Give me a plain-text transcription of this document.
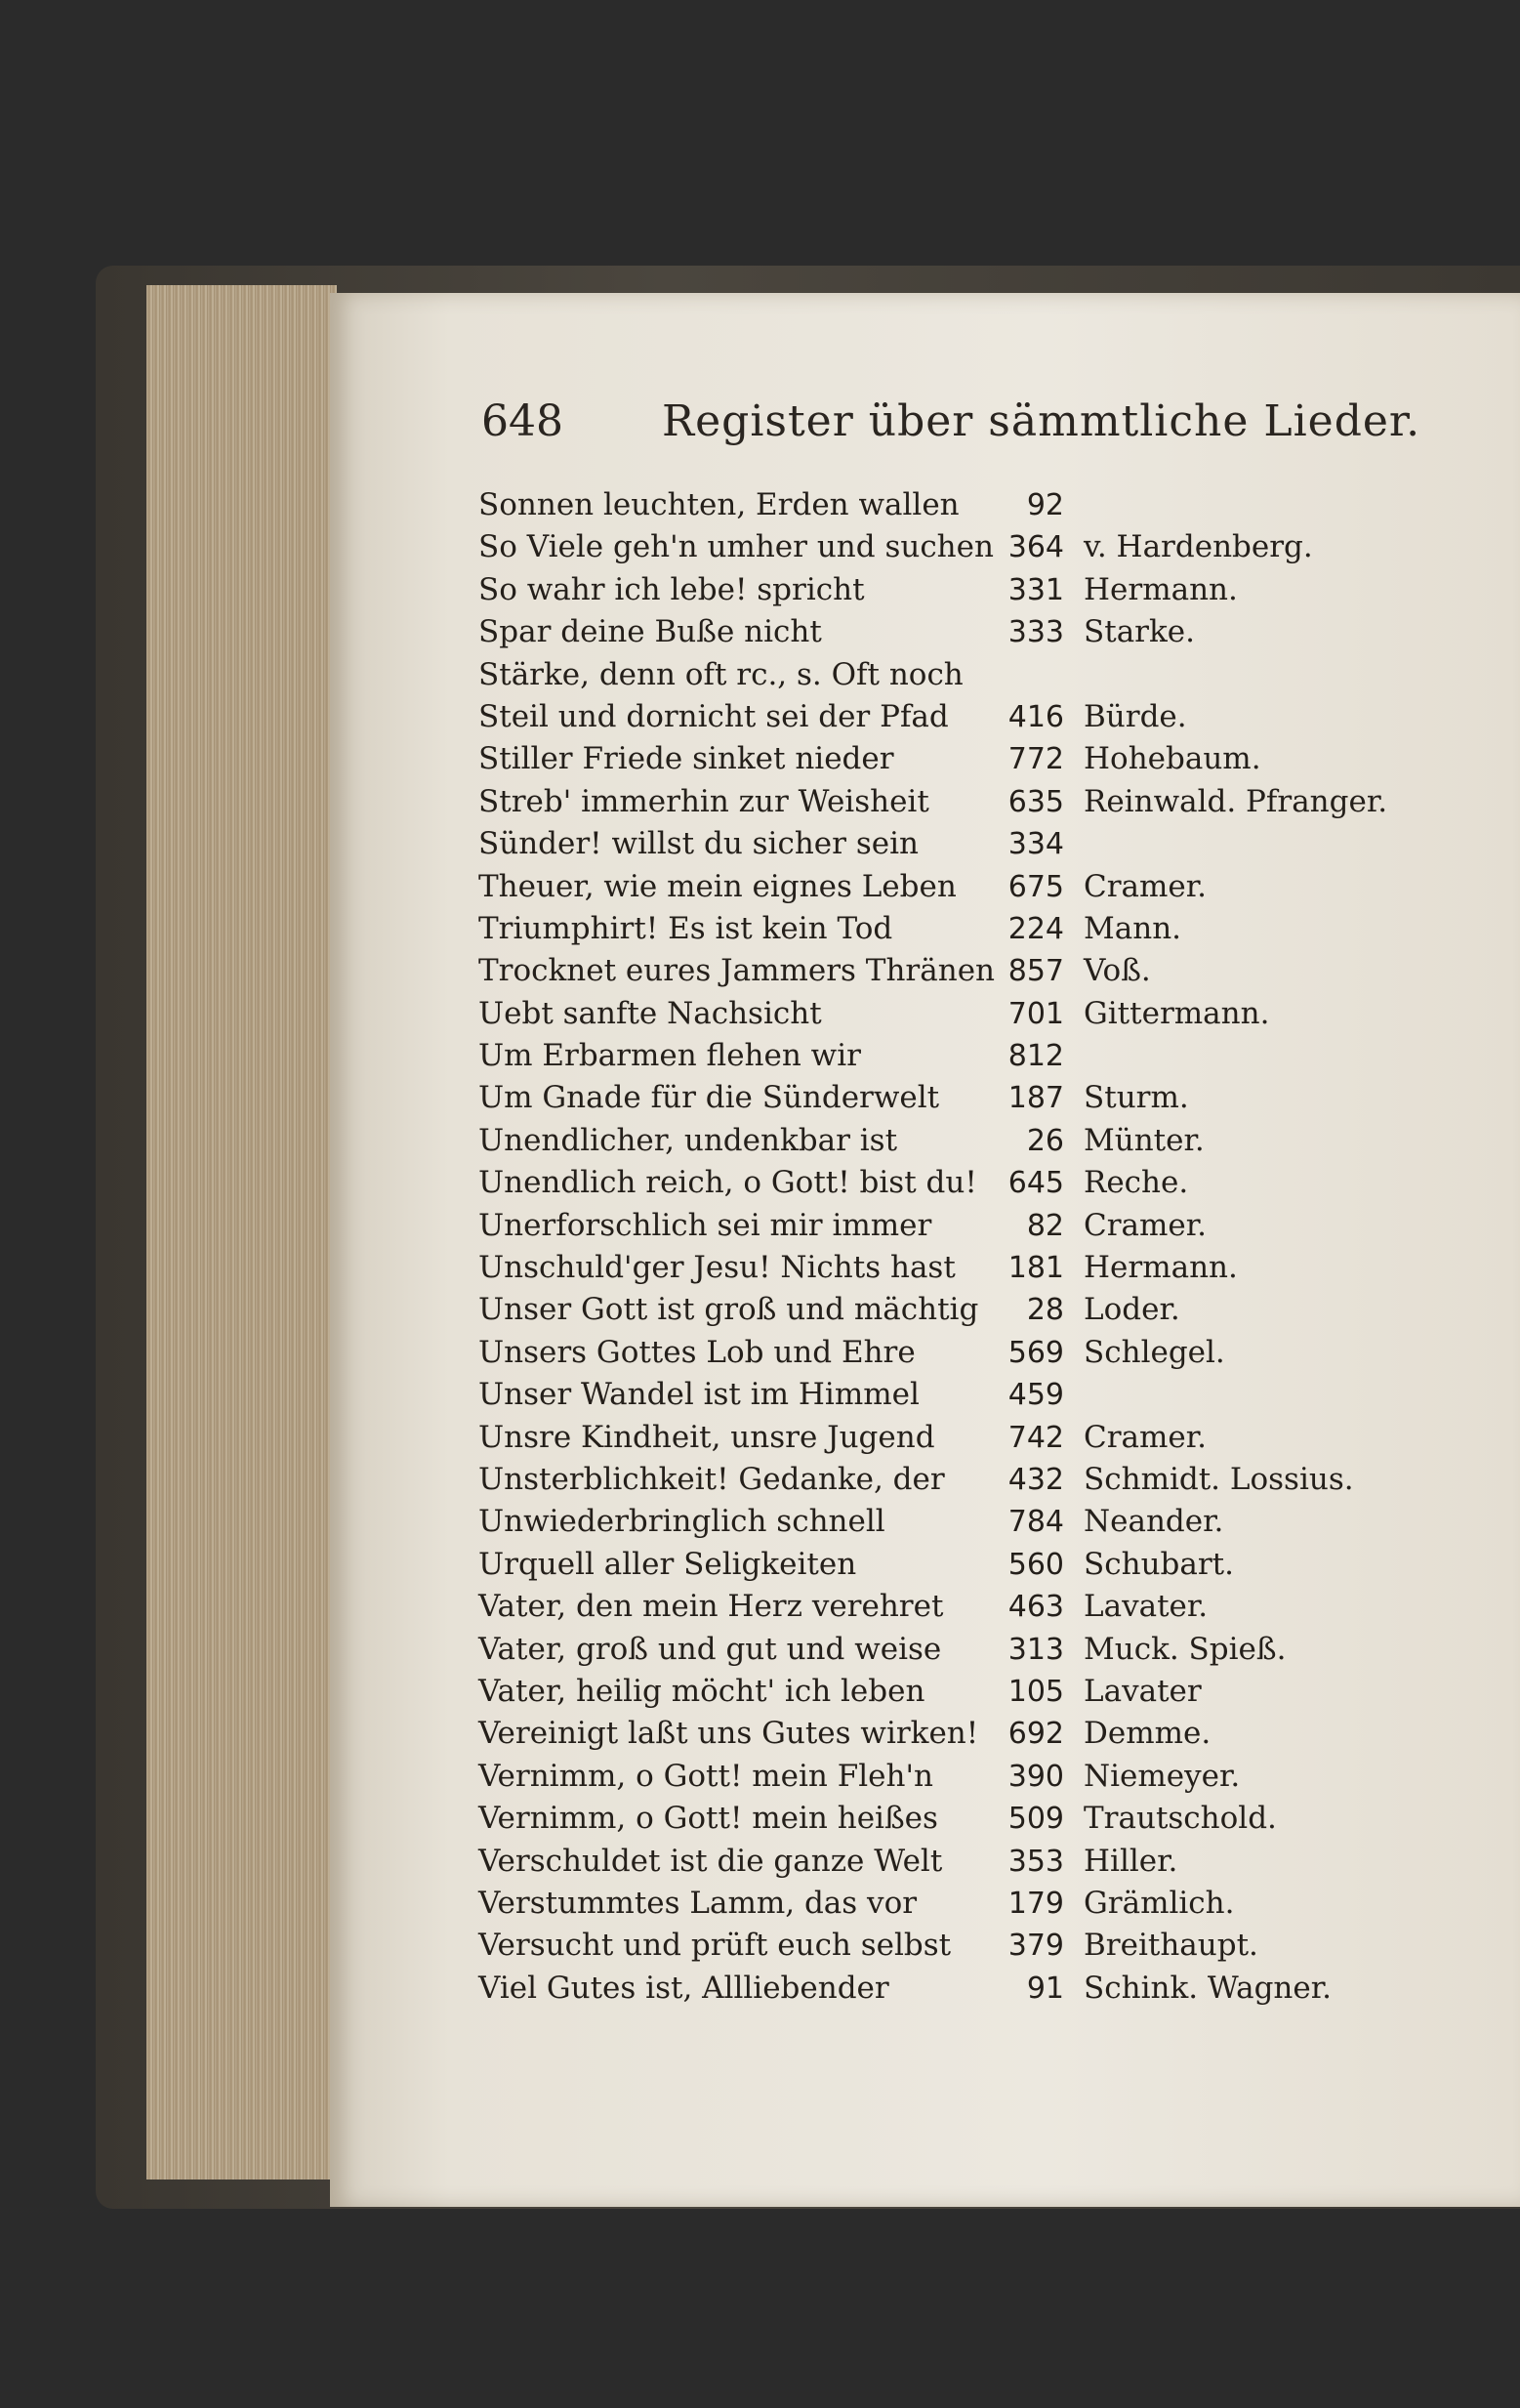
648 Register über sämmtliche Lieder.
Sonnen leuchten, Erden wallen	92
So Viele geh'n umher und suchen 364 v. Hardenberg.
So wahr ich lebe! spricht	331 Hermann.
Spar deine Buße nicht	333 Starke.
Stärke, denn oft rc., s. Oft noch
Steil und dornicht sei der Pfad	416 Bürde.
Stiller Friede sinket nieder	772 Hohebaum.
Streb' immerhin zur Weisheit	635 Reinwald. Pfranger.
Sünder! willst du sicher sein	334
Theuer, wie mein eignes Leben	675 Cramer.
Triumphirt! Es ist kein Tod	224 Mann.
Trocknet eures Jammers Thränen 857 Voß.
Uebt sanfte Nachsicht	701 Gittermann.
Um Erbarmen flehen wir	812
Um Gnade für die Sünderwelt	187 Sturm.
Unendlicher, undenkbar ist	26 Münter.
Unendlich reich, o Gott! bist du!	645 Reche.
Unerforschlich sei mir immer	82 Cramer.
Unschuld'ger Jesu! Nichts hast	181 Hermann.
Unser Gott ist groß und mächtig	28 Loder.
Unsers Gottes Lob und Ehre	569 Schlegel.
Unser Wandel ist im Himmel	459
Unsre Kindheit, unsre Jugend	742 Cramer.
Unsterblichkeit! Gedanke, der	432 Schmidt. Lossius.
Unwiederbringlich schnell	784 Neander.
Urquell aller Seligkeiten	560 Schubart.
Vater, den mein Herz verehret	463 Lavater.
Vater, groß und gut und weise	313 Muck. Spieß.
Vater, heilig möcht' ich leben	105 Lavater
Vereinigt laßt uns Gutes wirken!	692 Demme.
Vernimm, o Gott! mein Fleh'n	390 Niemeyer.
Vernimm, o Gott! mein heißes	509 Trautschold.
Verschuldet ist die ganze Welt	353 Hiller.
Verstummtes Lamm, das vor	179 Grämlich.
Versucht und prüft euch selbst	379 Breithaupt.
Viel Gutes ist, Allliebender	91 Schink. Wagner.
